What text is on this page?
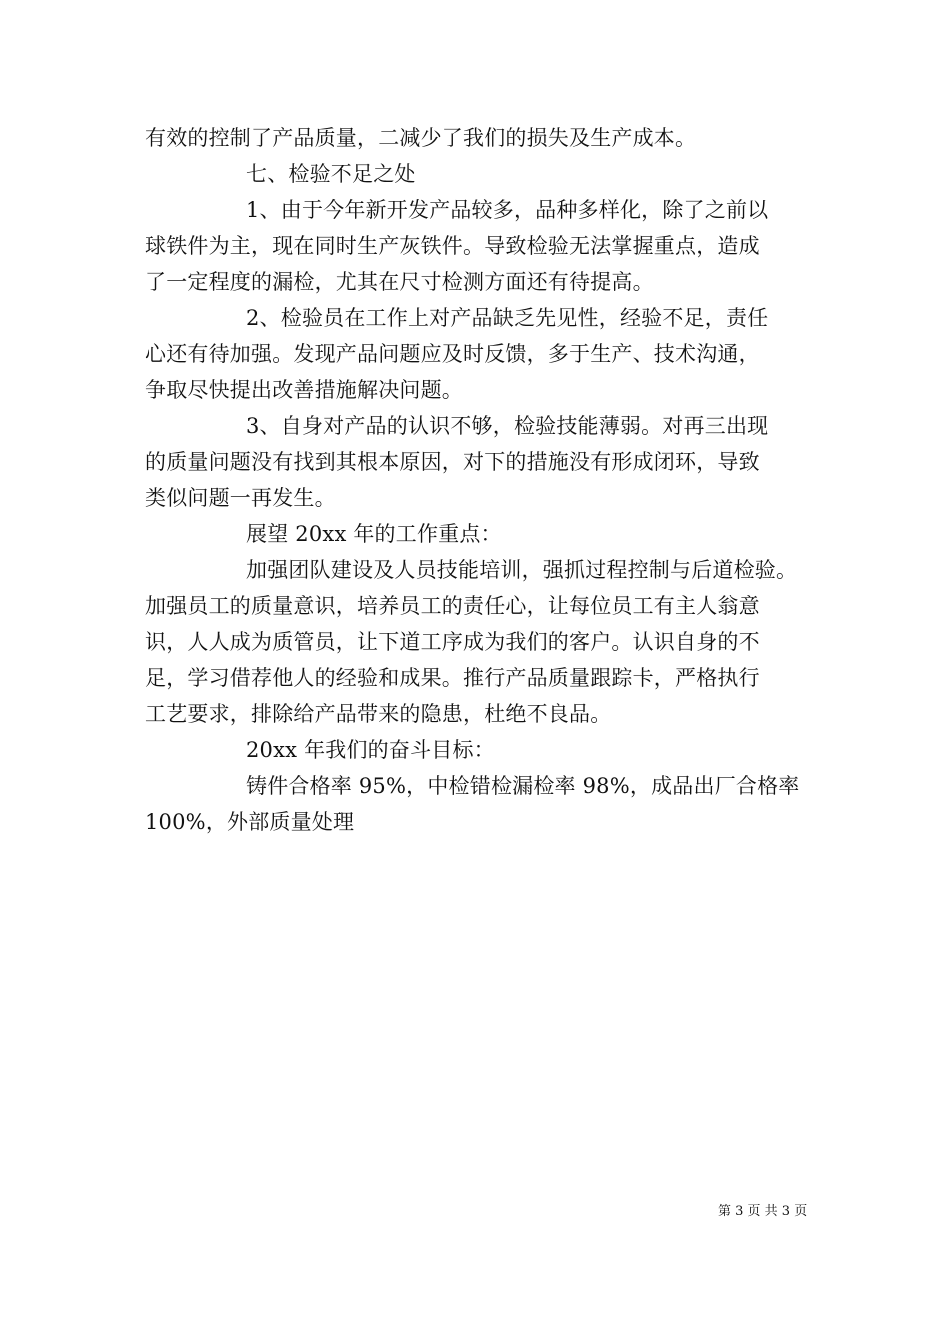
有效的控制了产品质量，二减少了我们的损失及生产成本。
七、检验不足之处
1、由于今年新开发产品较多，品种多样化，除了之前以
球铁件为主，现在同时生产灰铁件。导致检验无法掌握重点，造成
了一定程度的漏检，尤其在尺寸检测方面还有待提高。
2、检验员在工作上对产品缺乏先见性，经验不足，责任
心还有待加强。发现产品问题应及时反馈，多于生产、技术沟通，
争取尽快提出改善措施解决问题。
3、自身对产品的认识不够，检验技能薄弱。对再三出现
的质量问题没有找到其根本原因，对下的措施没有形成闭环，导致
类似问题一再发生。
展望 20xx 年的工作重点：
加强团队建设及人员技能培训，强抓过程控制与后道检验。
加强员工的质量意识，培养员工的责任心，让每位员工有主人翁意
识，人人成为质管员，让下道工序成为我们的客户。认识自身的不
足，学习借荐他人的经验和成果。推行产品质量跟踪卡，严格执行
工艺要求，排除给产品带来的隐患，杜绝不良品。
20xx 年我们的奋斗目标：
铸件合格率 95%，中检错检漏检率 98%，成品出厂合格率
100%，外部质量处理
第 3 页 共 3 页
